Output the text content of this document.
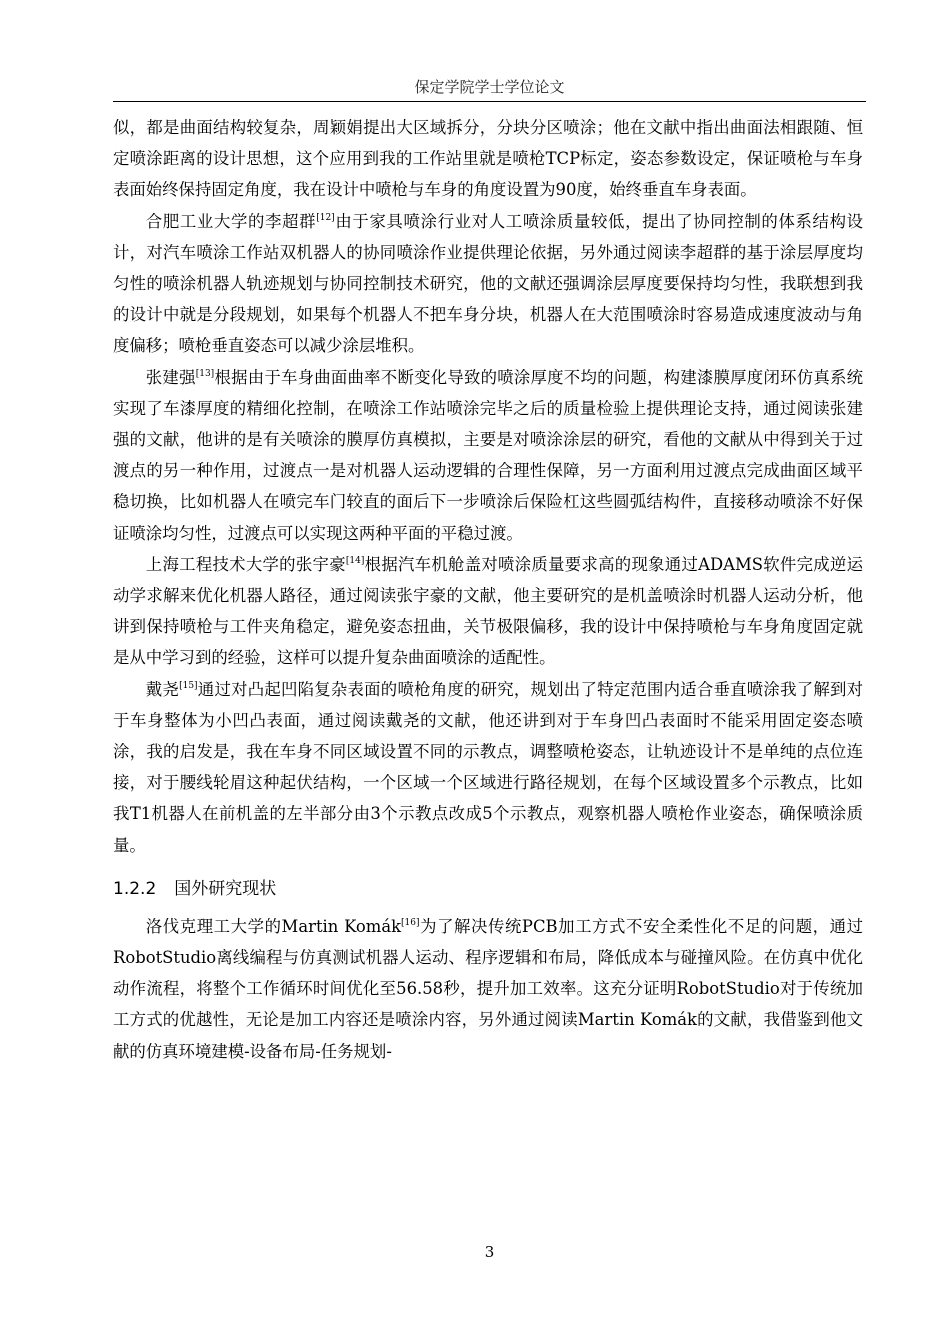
保定学院学士学位论文

似，都是曲面结构较复杂，周颖娟提出大区域拆分，分块分区喷涂；他在文献中指出曲面法相跟随、恒定喷涂距离的设计思想，这个应用到我的工作站里就是喷枪TCP标定，姿态参数设定，保证喷枪与车身表面始终保持固定角度，我在设计中喷枪与车身的角度设置为90度，始终垂直车身表面。

合肥工业大学的李超群[12]由于家具喷涂行业对人工喷涂质量较低，提出了协同控制的体系结构设计，对汽车喷涂工作站双机器人的协同喷涂作业提供理论依据，另外通过阅读李超群的基于涂层厚度均匀性的喷涂机器人轨迹规划与协同控制技术研究，他的文献还强调涂层厚度要保持均匀性，我联想到我的设计中就是分段规划，如果每个机器人不把车身分块，机器人在大范围喷涂时容易造成速度波动与角度偏移；喷枪垂直姿态可以减少涂层堆积。

张建强[13]根据由于车身曲面曲率不断变化导致的喷涂厚度不均的问题，构建漆膜厚度闭环仿真系统实现了车漆厚度的精细化控制，在喷涂工作站喷涂完毕之后的质量检验上提供理论支持，通过阅读张建强的文献，他讲的是有关喷涂的膜厚仿真模拟，主要是对喷涂涂层的研究，看他的文献从中得到关于过渡点的另一种作用，过渡点一是对机器人运动逻辑的合理性保障，另一方面利用过渡点完成曲面区域平稳切换，比如机器人在喷完车门较直的面后下一步喷涂后保险杠这些圆弧结构件，直接移动喷涂不好保证喷涂均匀性，过渡点可以实现这两种平面的平稳过渡。

上海工程技术大学的张宇豪[14]根据汽车机舱盖对喷涂质量要求高的现象通过ADAMS软件完成逆运动学求解来优化机器人路径，通过阅读张宇豪的文献，他主要研究的是机盖喷涂时机器人运动分析，他讲到保持喷枪与工件夹角稳定，避免姿态扭曲，关节极限偏移，我的设计中保持喷枪与车身角度固定就是从中学习到的经验，这样可以提升复杂曲面喷涂的适配性。

戴尧[15]通过对凸起凹陷复杂表面的喷枪角度的研究，规划出了特定范围内适合垂直喷涂我了解到对于车身整体为小凹凸表面，通过阅读戴尧的文献，他还讲到对于车身凹凸表面时不能采用固定姿态喷涂，我的启发是，我在车身不同区域设置不同的示教点，调整喷枪姿态，让轨迹设计不是单纯的点位连接，对于腰线轮眉这种起伏结构，一个区域一个区域进行路径规划，在每个区域设置多个示教点，比如我T1机器人在前机盖的左半部分由3个示教点改成5个示教点，观察机器人喷枪作业姿态，确保喷涂质量。

1.2.2 国外研究现状

洛伐克理工大学的Martin Komák[16]为了解决传统PCB加工方式不安全柔性化不足的问题，通过RobotStudio离线编程与仿真测试机器人运动、程序逻辑和布局，降低成本与碰撞风险。在仿真中优化动作流程，将整个工作循环时间优化至56.58秒，提升加工效率。这充分证明RobotStudio对于传统加工方式的优越性，无论是加工内容还是喷涂内容，另外通过阅读Martin Komák的文献，我借鉴到他文献的仿真环境建模-设备布局-任务规划-

3
